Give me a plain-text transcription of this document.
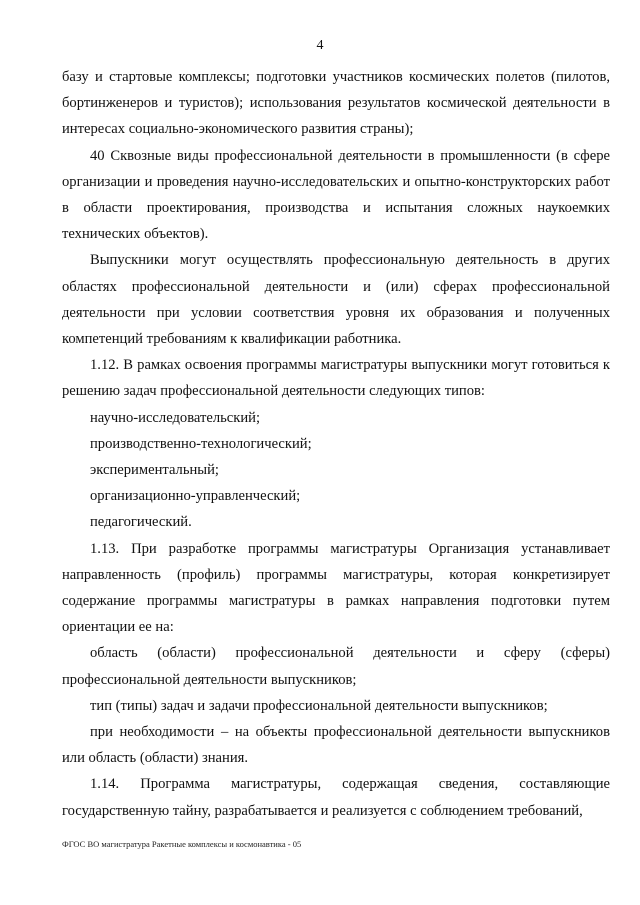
4

базу и стартовые комплексы; подготовки участников космических полетов (пилотов, бортинженеров и туристов); использования результатов космической деятельности в интересах социально-экономического развития страны);

40 Сквозные виды профессиональной деятельности в промышленности (в сфере организации и проведения научно-исследовательских и опытно-конструкторских работ в области проектирования, производства и испытания сложных наукоемких технических объектов).

Выпускники могут осуществлять профессиональную деятельность в других областях профессиональной деятельности и (или) сферах профессиональной деятельности при условии соответствия уровня их образования и полученных компетенций требованиям к квалификации работника.

1.12. В рамках освоения программы магистратуры выпускники могут готовиться к решению задач профессиональной деятельности следующих типов:

научно-исследовательский;

производственно-технологический;

экспериментальный;

организационно-управленческий;

педагогический.

1.13. При разработке программы магистратуры Организация устанавливает направленность (профиль) программы магистратуры, которая конкретизирует содержание программы магистратуры в рамках направления подготовки путем ориентации ее на:

область (области) профессиональной деятельности и сферу (сферы) профессиональной деятельности выпускников;

тип (типы) задач и задачи профессиональной деятельности выпускников;

при необходимости – на объекты профессиональной деятельности выпускников или область (области) знания.

1.14. Программа магистратуры, содержащая сведения, составляющие государственную тайну, разрабатывается и реализуется с соблюдением требований,

ФГОС ВО магистратура Ракетные комплексы и космонавтика - 05
